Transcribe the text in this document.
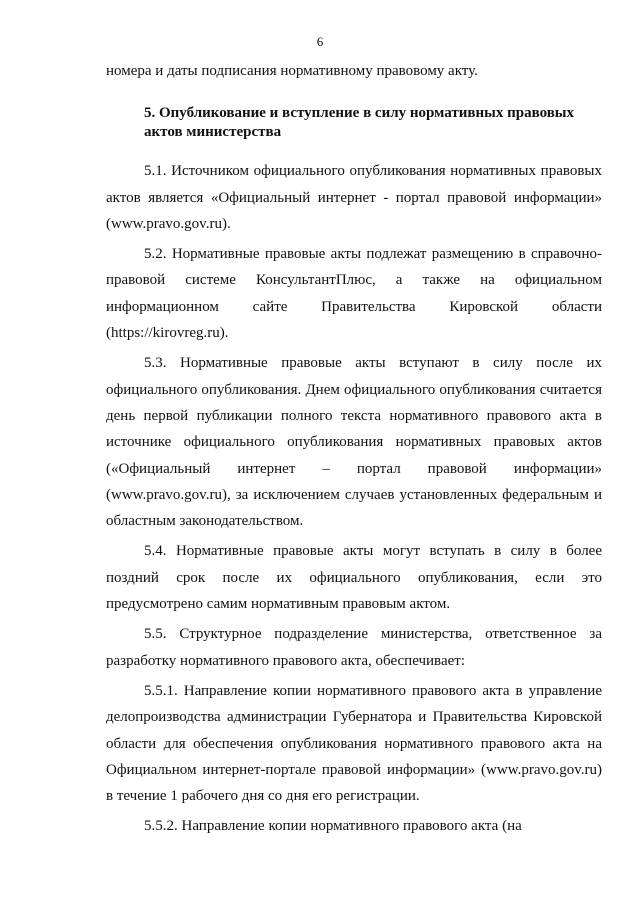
6

номера и даты подписания нормативному правовому акту.

5. Опубликование и вступление в силу нормативных правовых актов министерства

5.1. Источником официального опубликования нормативных правовых актов является «Официальный интернет - портал правовой информации» (www.pravo.gov.ru).

5.2. Нормативные правовые акты подлежат размещению в справочно-правовой системе КонсультантПлюс, а также на официальном информационном сайте Правительства Кировской области (https://kirovreg.ru).

5.3. Нормативные правовые акты вступают в силу после их официального опубликования. Днем официального опубликования считается день первой публикации полного текста нормативного правового акта в источнике официального опубликования нормативных правовых актов («Официальный интернет – портал правовой информации» (www.pravo.gov.ru), за исключением случаев установленных федеральным и областным законодательством.

5.4. Нормативные правовые акты могут вступать в силу в более поздний срок после их официального опубликования, если это предусмотрено самим нормативным правовым актом.

5.5. Структурное подразделение министерства, ответственное за разработку нормативного правового акта, обеспечивает:

5.5.1. Направление копии нормативного правового акта в управление делопроизводства администрации Губернатора и Правительства Кировской области для обеспечения опубликования нормативного правового акта на Официальном интернет-портале правовой информации» (www.pravo.gov.ru) в течение 1 рабочего дня со дня его регистрации.

5.5.2. Направление копии нормативного правового акта (на
